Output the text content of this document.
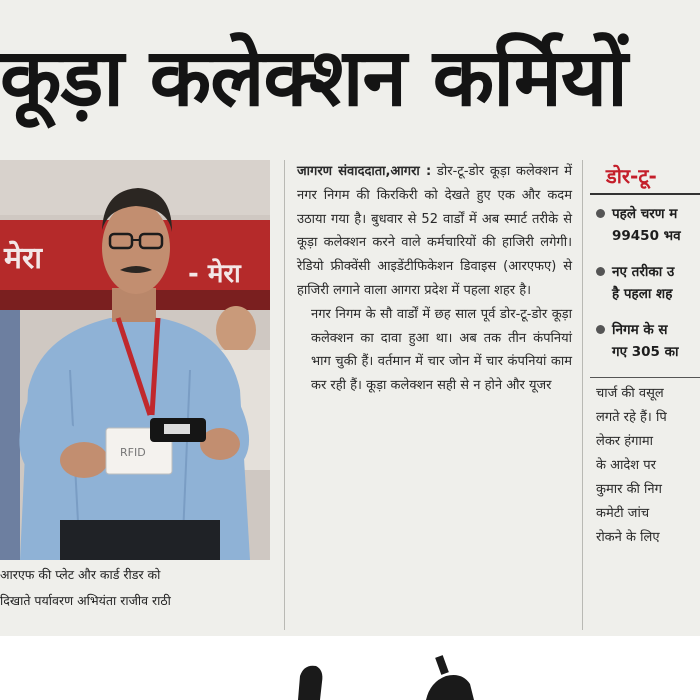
कूड़ा कलेक्शन कर्मियों
मेरा	- मेरा
RFID
आरएफ की प्लेट और कार्ड रीडर को
दिखाते पर्यावरण अभियंता राजीव राठी

जागरण संवाददाता,आगरा : डोर-टू-डोर कूड़ा कलेक्शन में नगर निगम की किरकिरी को देखते हुए एक और कदम उठाया गया है। बुधवार से 52 वार्डों में अब स्मार्ट तरीके से कूड़ा कलेक्शन करने वाले कर्मचारियों की हाजिरी लगेगी। रेडियो फ्रीक्वेंसी आइडेंटीफिकेशन डिवाइस (आरएफए) से हाजिरी लगाने वाला आगरा प्रदेश में पहला शहर है।

नगर निगम के सौ वार्डों में छह साल पूर्व डोर-टू-डोर कूड़ा कलेक्शन का दावा हुआ था। अब तक तीन कंपनियां भाग चुकी हैं। वर्तमान में चार जोन में चार कंपनियां काम कर रही हैं। कूड़ा कलेक्शन सही से न होने और यूजर

डोर-टू-
पहले चरण म
99450 भव
नए तरीका उ
है पहला शह
निगम के स
गए 305 का
चार्ज की वसूल
लगते रहे हैं। पि
लेकर हंगामा
के आदेश पर
कुमार की निग
कमेटी जांच
रोकने के लिए
